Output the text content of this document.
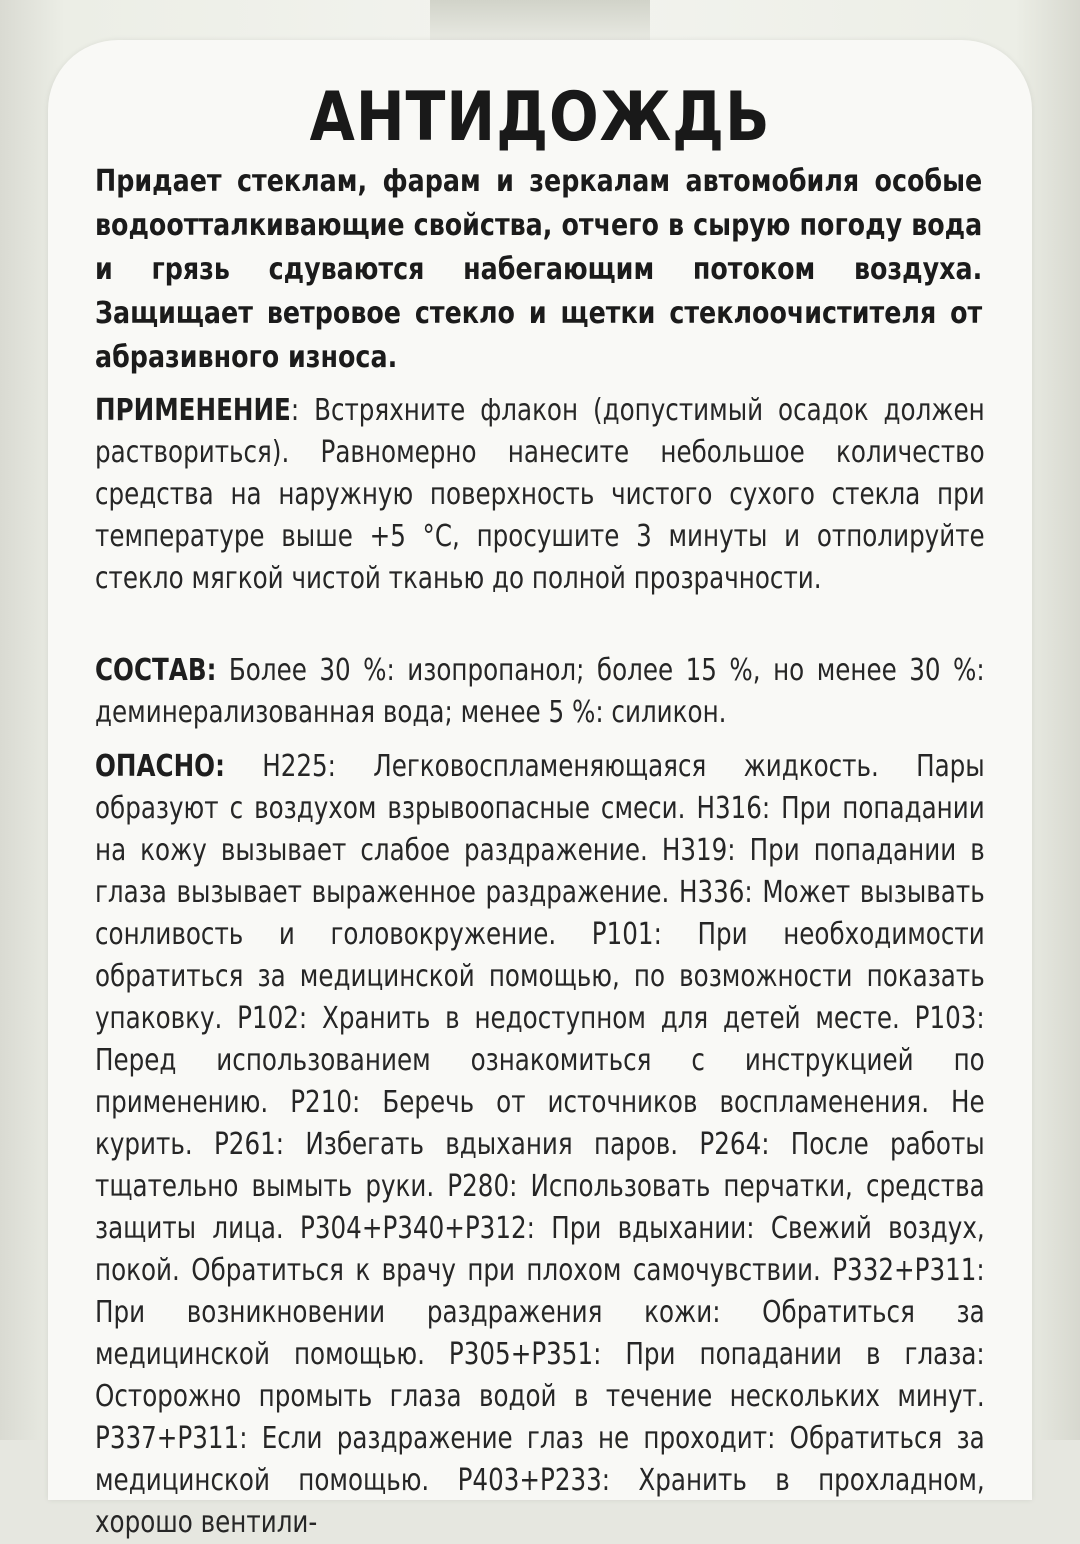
АНТИДОЖДЬ

Придает стеклам, фарам и зеркалам автомобиля особые водоотталкивающие свойства, отчего в сырую погоду вода и грязь сдуваются набегающим потоком воздуха. Защищает ветровое стекло и щетки стеклоочистителя от абразивного износа.

ПРИМЕНЕНИЕ: Встряхните флакон (допустимый осадок должен раствориться). Равномерно нанесите небольшое количество средства на наружную поверхность чистого сухого стекла при температуре выше +5 °С, просушите 3 минуты и отполируйте стекло мягкой чистой тканью до полной прозрачности.

СОСТАВ: Более 30 %: изопропанол; более 15 %, но менее 30 %: деминерализованная вода; менее 5 %: силикон.

ОПАСНО: H225: Легковоспламеняющаяся жидкость. Пары образуют с воздухом взрывоопасные смеси. H316: При попадании на кожу вызывает слабое раздражение. H319: При попадании в глаза вызывает выраженное раздражение. H336: Может вызывать сонливость и головокружение. P101: При необходимости обратиться за медицинской помощью, по возможности показать упаковку. P102: Хранить в недоступном для детей месте. P103: Перед использованием ознакомиться с инструкцией по применению. P210: Беречь от источников воспламенения. Не курить. P261: Избегать вдыхания паров. P264: После работы тщательно вымыть руки. P280: Использовать перчатки, средства защиты лица. P304+P340+P312: При вдыхании: Свежий воздух, покой. Обратиться к врачу при плохом самочувствии. P332+P311: При возникновении раздражения кожи: Обратиться за медицинской помощью. P305+P351: При попадании в глаза: Осторожно промыть глаза водой в течение нескольких минут. P337+P311: Если раздражение глаз не проходит: Обратиться за медицинской помощью. P403+P233: Хранить в прохладном, хорошо вентили-
